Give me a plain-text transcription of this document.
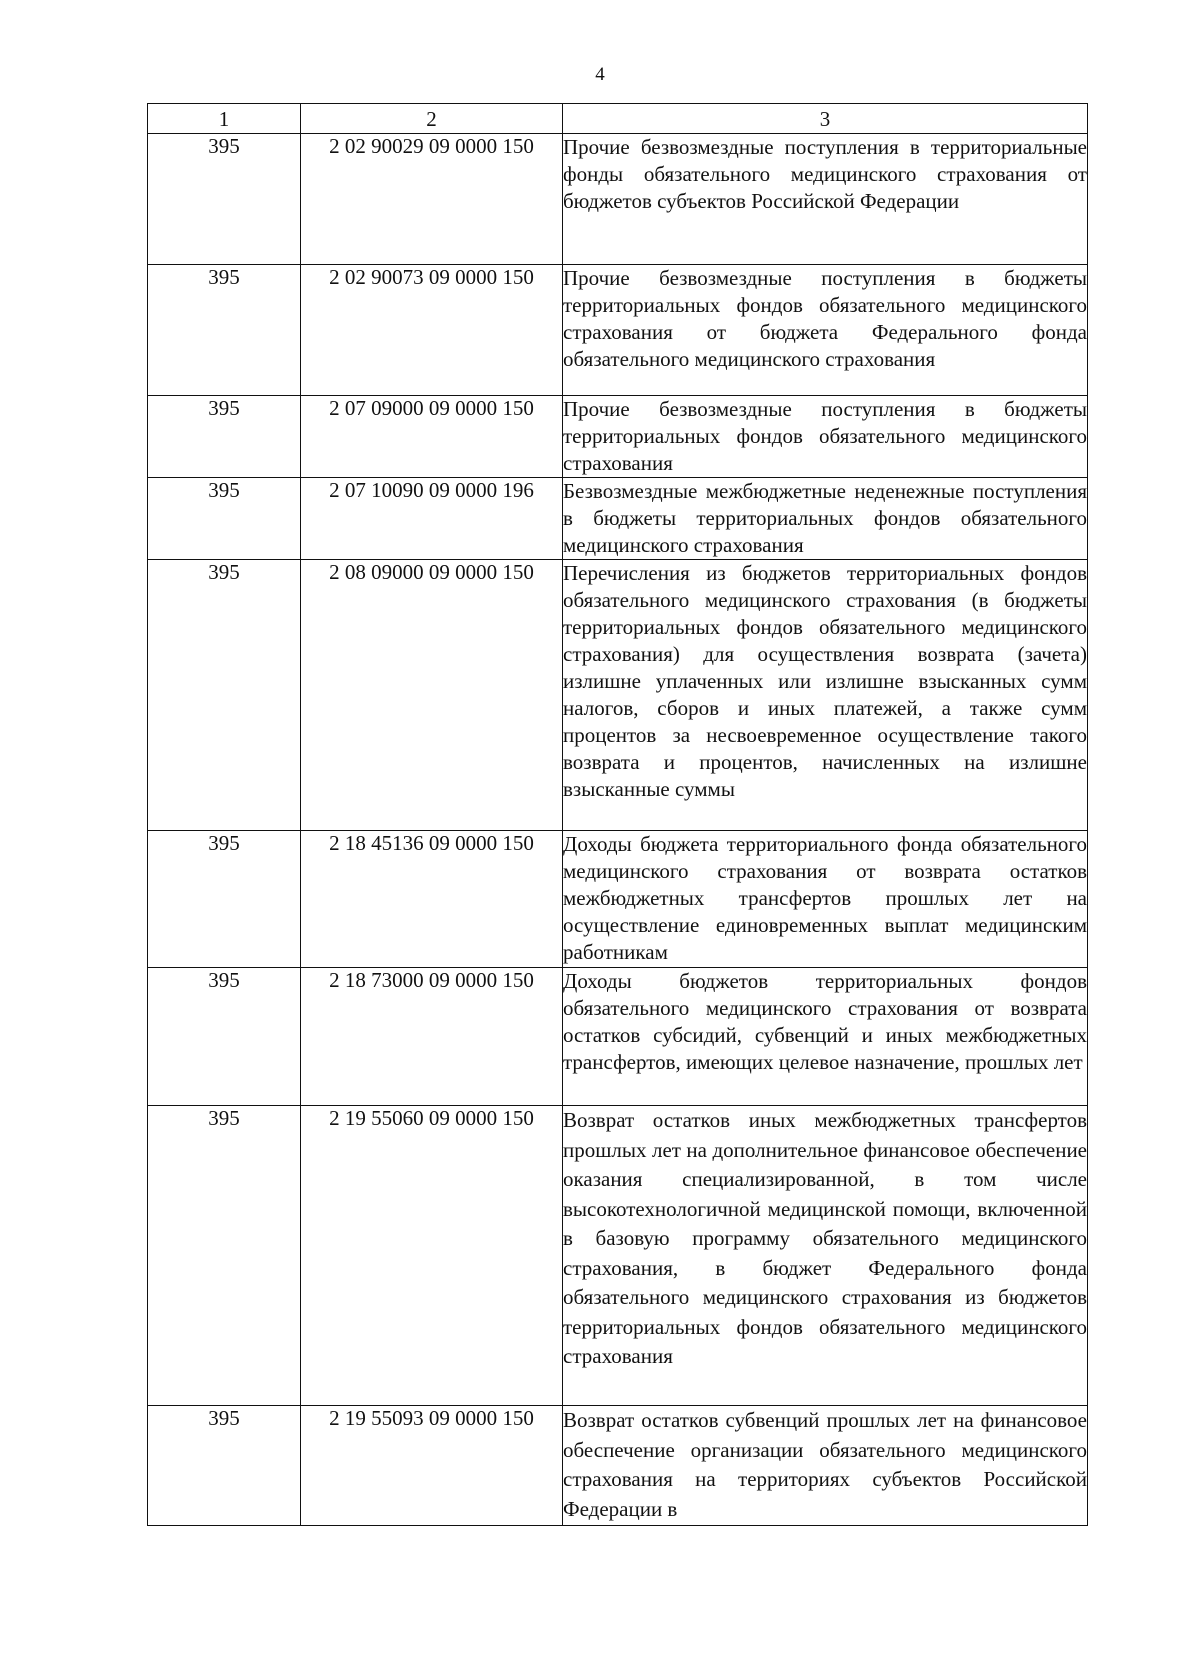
4
1	2	3
395	2 02 90029 09 0000 150	Прочие безвозмездные поступления в территориальные фонды обязательного медицинского страхования от бюджетов субъектов Российской Федерации
395	2 02 90073 09 0000 150	Прочие безвозмездные поступления в бюджеты территориальных фондов обязательного медицинского страхования от бюджета Федерального фонда обязательного медицинского страхования
395	2 07 09000 09 0000 150	Прочие безвозмездные поступления в бюджеты территориальных фондов обязательного медицинского страхования
395	2 07 10090 09 0000 196	Безвозмездные межбюджетные неденежные поступления в бюджеты территориальных фондов обязательного медицинского страхования
395	2 08 09000 09 0000 150	Перечисления из бюджетов территориальных фондов обязательного медицинского страхования (в бюджеты территориальных фондов обязательного медицинского страхования) для осуществления возврата (зачета) излишне уплаченных или излишне взысканных сумм налогов, сборов и иных платежей, а также сумм процентов за несвоевременное осуществление такого возврата и процентов, начисленных на излишне взысканные суммы
395	2 18 45136 09 0000 150	Доходы бюджета территориального фонда обязательного медицинского страхования от возврата остатков межбюджетных трансфертов прошлых лет на осуществление единовременных выплат медицинским работникам
395	2 18 73000 09 0000 150	Доходы бюджетов территориальных фондов обязательного медицинского страхования от возврата остатков субсидий, субвенций и иных межбюджетных трансфертов, имеющих целевое назначение, прошлых лет
395	2 19 55060 09 0000 150	Возврат остатков иных межбюджетных трансфертов прошлых лет на дополнительное финансовое обеспечение оказания специализированной, в том числе высокотехнологичной медицинской помощи, включенной в базовую программу обязательного медицинского страхования, в бюджет Федерального фонда обязательного медицинского страхования из бюджетов территориальных фондов обязательного медицинского страхования
395	2 19 55093 09 0000 150	Возврат остатков субвенций прошлых лет на финансовое обеспечение организации обязательного медицинского страхования на территориях субъектов Российской Федерации в
